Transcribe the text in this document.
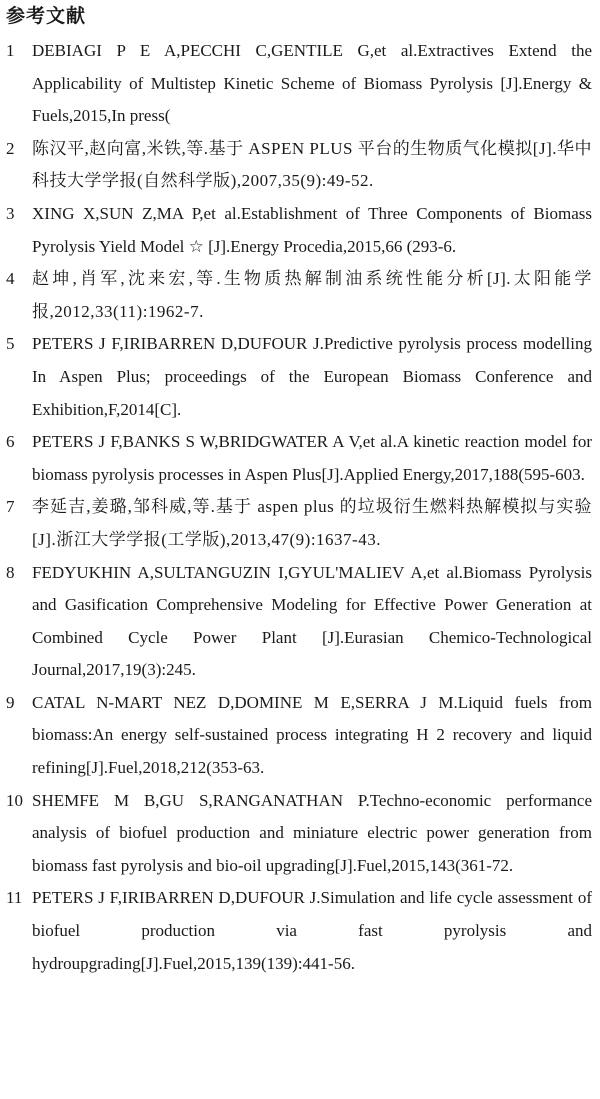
参考文献
1	DEBIAGI P E A,PECCHI C,GENTILE G,et al.Extractives Extend the Applicability of Multistep Kinetic Scheme of Biomass Pyrolysis [J].Energy & Fuels,2015,In press(
2	陈汉平,赵向富,米铁,等.基于 ASPEN PLUS 平台的生物质气化模拟[J].华中科技大学学报(自然科学版),2007,35(9):49-52.
3	XING X,SUN Z,MA P,et al.Establishment of Three Components of Biomass Pyrolysis Yield Model ☆ [J].Energy Procedia,2015,66 (293-6.
4	赵坤,肖军,沈来宏,等.生物质热解制油系统性能分析[J].太阳能学报,2012,33(11):1962-7.
5	PETERS J F,IRIBARREN D,DUFOUR J.Predictive pyrolysis process modelling In Aspen Plus; proceedings of the European Biomass Conference and Exhibition,F,2014[C].
6	PETERS J F,BANKS S W,BRIDGWATER A V,et al.A kinetic reaction model for biomass pyrolysis processes in Aspen Plus[J].Applied Energy,2017,188(595-603.
7	李延吉,姜璐,邹科威,等.基于 aspen plus 的垃圾衍生燃料热解模拟与实验[J].浙江大学学报(工学版),2013,47(9):1637-43.
8	FEDYUKHIN A,SULTANGUZIN I,GYUL'MALIEV A,et al.Biomass Pyrolysis and Gasification Comprehensive Modeling for Effective Power Generation at Combined Cycle Power Plant [J].Eurasian Chemico-Technological Journal,2017,19(3):245.
9	CATAL N-MART NEZ D,DOMINE M E,SERRA J M.Liquid fuels from biomass:An energy self-sustained process integrating H 2 recovery and liquid refining[J].Fuel,2018,212(353-63.
10 SHEMFE M B,GU S,RANGANATHAN P.Techno-economic performance analysis of biofuel production and miniature electric power generation from biomass fast pyrolysis and bio-oil upgrading[J].Fuel,2015,143(361-72.
11 PETERS J F,IRIBARREN D,DUFOUR J.Simulation and life cycle assessment of biofuel production via fast pyrolysis and hydroupgrading[J].Fuel,2015,139(139):441-56.
